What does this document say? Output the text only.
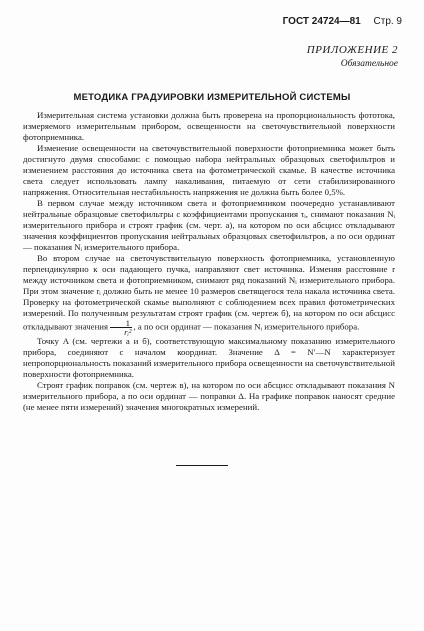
ГОСТ 24724—81 Стр. 9
ПРИЛОЖЕНИЕ 2
Обязательное
МЕТОДИКА ГРАДУИРОВКИ ИЗМЕРИТЕЛЬНОЙ СИСТЕМЫ

Измерительная система установки должна быть проверена на пропорциональность фототока, измеряемого измерительным прибором, освещенности на светочувствительной поверхности фотоприемника.

Изменение освещенности на светочувствительной поверхности фотоприемника может быть достигнуто двумя способами: с помощью набора нейтральных образцовых светофильтров и изменением расстояния до источника света на фотометрической скамье. В качестве источника света следует использовать лампу накаливания, питаемую от сети стабилизированного напряжения. Относительная нестабильность напряжения не должна быть более 0,5%.

В первом случае между источником света и фотоприемником поочередно устанавливают нейтральные образцовые светофильтры с коэффициентами пропускания τᵢ, снимают показания Nᵢ измерительного прибора и строят график (см. черт. а), на котором по оси абсцисс откладывают значения коэффициентов пропускания нейтральных образцовых светофильтров, а по оси ординат — показания Nᵢ измерительного прибора.

Во втором случае на светочувствительную поверхность фотоприемника, установленную перпендикулярно к оси падающего пучка, направляют свет источника. Изменяя расстояние r между источником света и фотоприемником, снимают ряд показаний Nᵢ измерительного прибора. При этом значение rᵢ должно быть не менее 10 размеров светящегося тела накала источника света. Проверку на фотометрической скамье выполняют с соблюдением всех правил фотометрических измерений. По полученным результатам строят график (см. чертеж б), на котором по оси абсцисс откладывают значения $\frac{1}{\text{rᵢ²}}$ , а по оси ординат — показания Nᵢ измерительного прибора.

Точку A (см. чертежи а и б), соответствующую максимальному показанию измерительного прибора, соединяют с началом координат. Значение Δ = N′—N характеризует непропорциональность показаний измерительного прибора освещенности на светочувствительной поверхности фотоприемника.

Строят график поправок (см. чертеж в), на котором по оси абсцисс откладывают показания N измерительного прибора, а по оси ординат — поправки Δ. На графике поправок наносят средние (не менее пяти измерений) значения многократных измерений.
